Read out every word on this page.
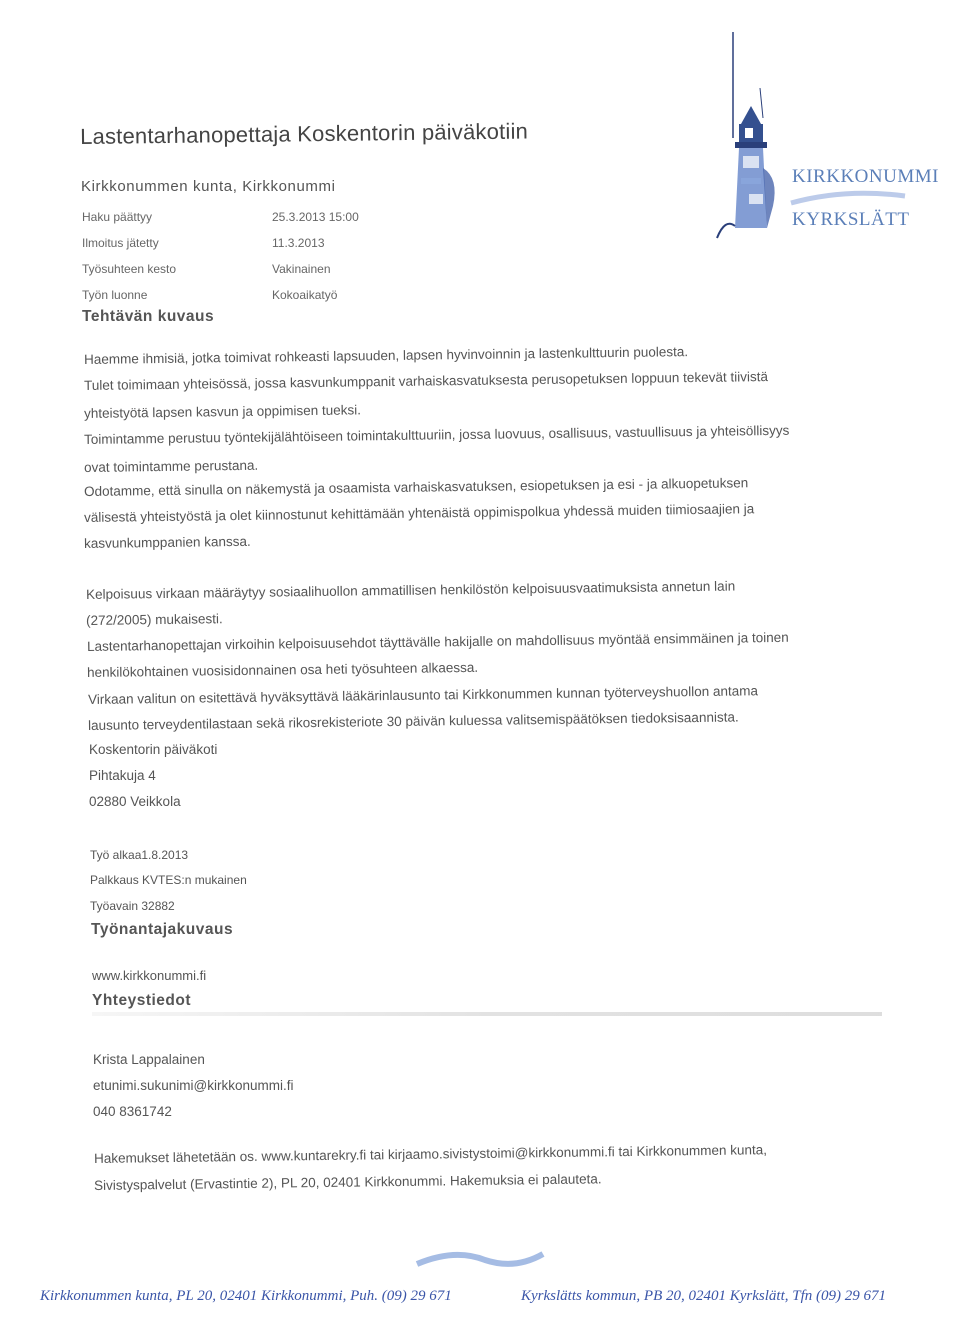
KIRKKONUMMI
KYRKSLÄTT
Lastentarhanopettaja Koskentorin päiväkotiin
Kirkkonummen kunta, Kirkkonummi
Haku päättyy	25.3.2013 15:00
Ilmoitus jätetty	11.3.2013
Työsuhteen kesto	Vakinainen
Työn luonne	Kokoaikatyö
Tehtävän kuvaus
Haemme ihmisiä, jotka toimivat rohkeasti lapsuuden, lapsen hyvinvoinnin ja lastenkulttuurin puolesta.
Tulet toimimaan yhteisössä, jossa kasvunkumppanit varhaiskasvatuksesta perusopetuksen loppuun tekevät tiivistä
yhteistyötä lapsen kasvun ja oppimisen tueksi.
Toimintamme perustuu työntekijälähtöiseen toimintakulttuuriin, jossa luovuus, osallisuus, vastuullisuus ja yhteisöllisyys
ovat toimintamme perustana.
Odotamme, että sinulla on näkemystä ja osaamista varhaiskasvatuksen, esiopetuksen ja esi - ja alkuopetuksen
välisestä yhteistyöstä ja olet kiinnostunut kehittämään yhtenäistä oppimispolkua yhdessä muiden tiimiosaajien ja
kasvunkumppanien kanssa.
Kelpoisuus virkaan määräytyy sosiaalihuollon ammatillisen henkilöstön kelpoisuusvaatimuksista annetun lain
(272/2005) mukaisesti.
Lastentarhanopettajan virkoihin kelpoisuusehdot täyttävälle hakijalle on mahdollisuus myöntää ensimmäinen ja toinen
henkilökohtainen vuosisidonnainen osa heti työsuhteen alkaessa.
Virkaan valitun on esitettävä hyväksyttävä lääkärinlausunto tai Kirkkonummen kunnan työterveyshuollon antama
lausunto terveydentilastaan sekä rikosrekisteriote 30 päivän kuluessa valitsemispäätöksen tiedoksisaannista.
Koskentorin päiväkoti
Pihtakuja 4
02880 Veikkola
Työ alkaa1.8.2013
Palkkaus KVTES:n mukainen
Työavain 32882
Työnantajakuvaus
www.kirkkonummi.fi
Yhteystiedot
Krista Lappalainen
etunimi.sukunimi@kirkkonummi.fi
040 8361742
Hakemukset lähetetään os. www.kuntarekry.fi tai kirjaamo.sivistystoimi@kirkkonummi.fi tai Kirkkonummen kunta,
Sivistyspalvelut (Ervastintie 2), PL 20, 02401 Kirkkonummi. Hakemuksia ei palauteta.
Kirkkonummen kunta, PL 20, 02401 Kirkkonummi, Puh. (09) 29 671	Kyrkslätts kommun, PB 20, 02401 Kyrkslätt, Tfn (09) 29 671
